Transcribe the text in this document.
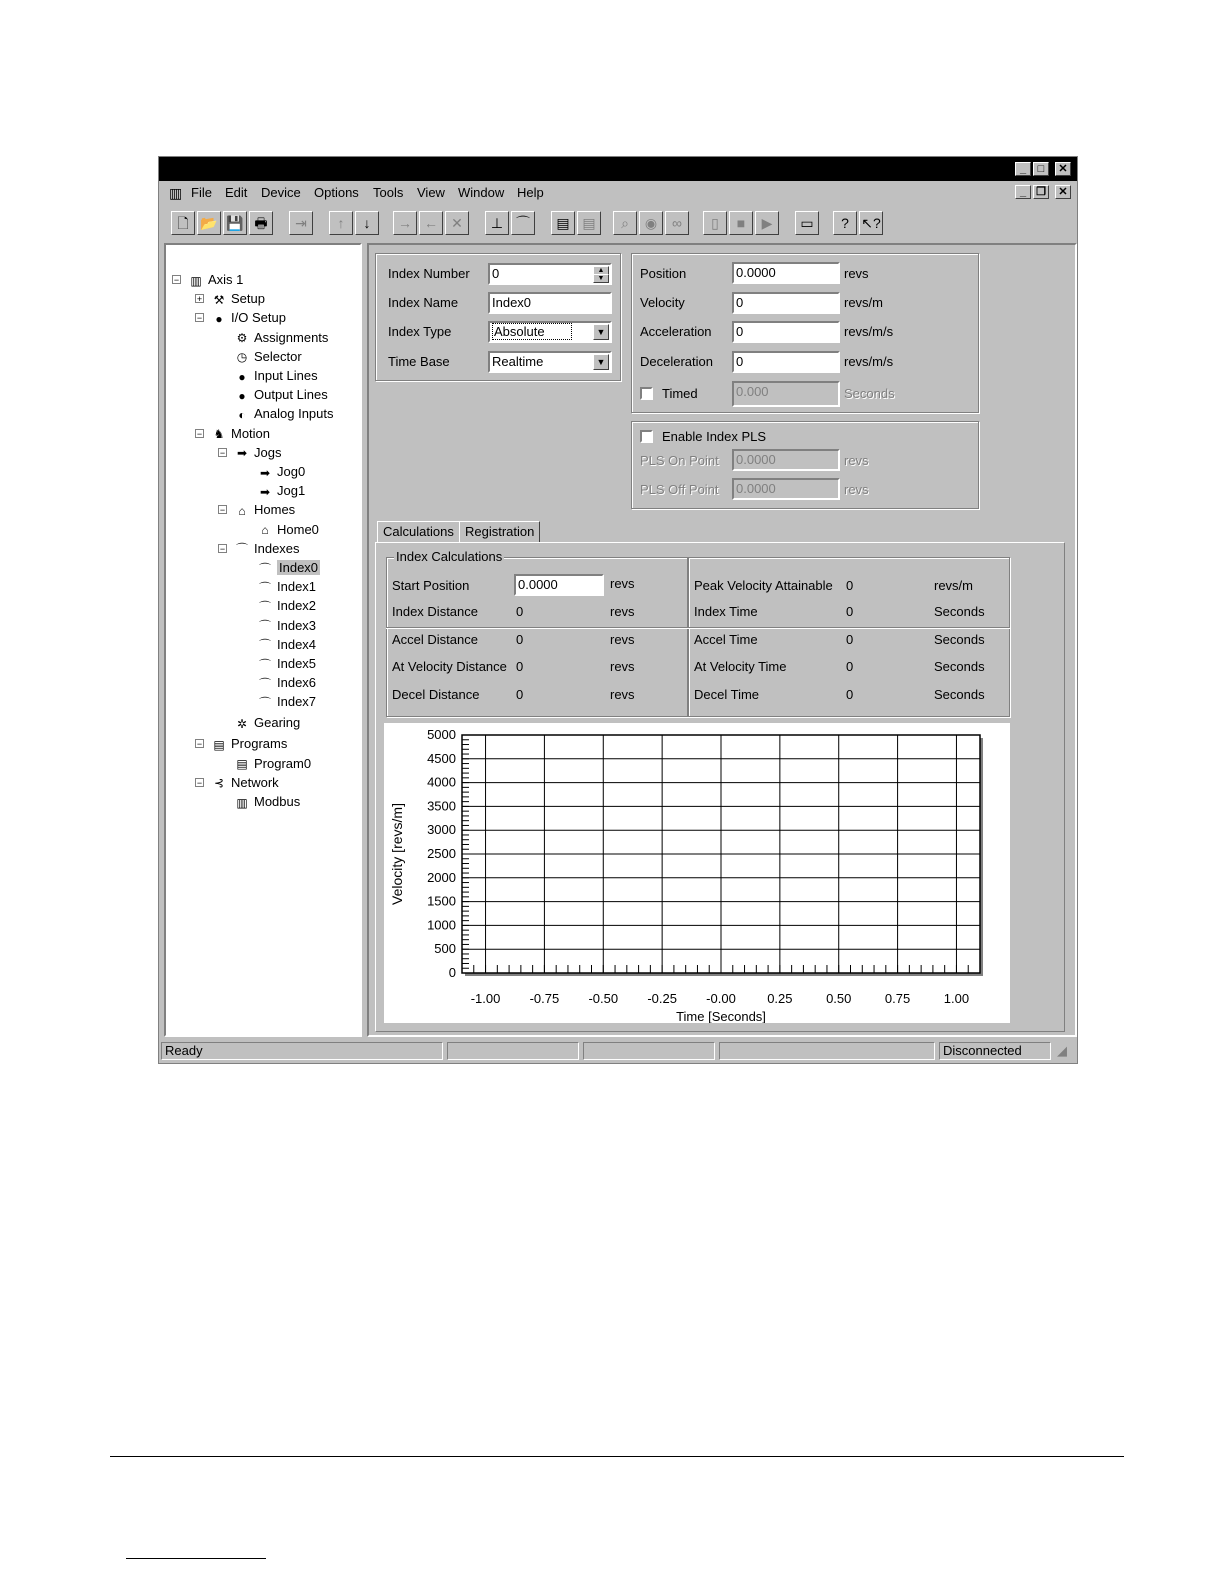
_	□	✕
▥ File Edit Device Options Tools View Window Help	_ ❐	✕
🗋 📂 💾 🖶	⇥	↑	↓	→ ← ✕	⊥ ⌒	▤ ▤	⌕	◉	∞	▯	■	▶	▭	? ↖?
− ▥ Axis 1
+ ⚒ Setup
−	● I/O Setup
⚙ Assignments
◷ Selector
● Input Lines
● Output Lines
◐ Analog Inputs
− ♞ Motion
− ➡ Jogs
➡ Jog0
➡ Jog1
−	⌂ Homes
⌂ Home0
− ⌒ Indexes
⌒ Index0
⌒ Index1
⌒ Index2
⌒ Index3
⌒ Index4
⌒ Index5
⌒ Index6
⌒ Index7
✲ Gearing
− ▤ Programs
▤ Program0
− ⊰ Network
▥ Modbus
Index Number	0	▲
▼
Index Name	Index0
Index Type	Absolute	▼
Time Base	Realtime	▼
Position	0.0000	revs
Velocity	0	revs/m
Acceleration	0	revs/m/s
Deceleration	0	revs/m/s
Timed	0.000	Seconds
Enable Index PLS
PLS On Point	0.0000	revs
PLS Off Point	0.0000	revs
Calculations Registration
Index Calculations
Start Position	0.0000	revs
Index Distance	0	revs
Accel Distance	0	revs
At Velocity Distance 0	revs
Decel Distance	0	revs
Peak Velocity Attainable 0	revs/m
Index Time	0	Seconds
Accel Time	0	Seconds
At Velocity Time	0	Seconds
Decel Time	0	Seconds
5000
4500
4000
3500
3000
2500
2000
1500
1000
500
0
-1.00 -0.75 -0.50 -0.25 -0.00 0.25	0.50	0.75	1.00
Time [Seconds]
Velocity [revs/m]
Ready	Disconnected	◢
